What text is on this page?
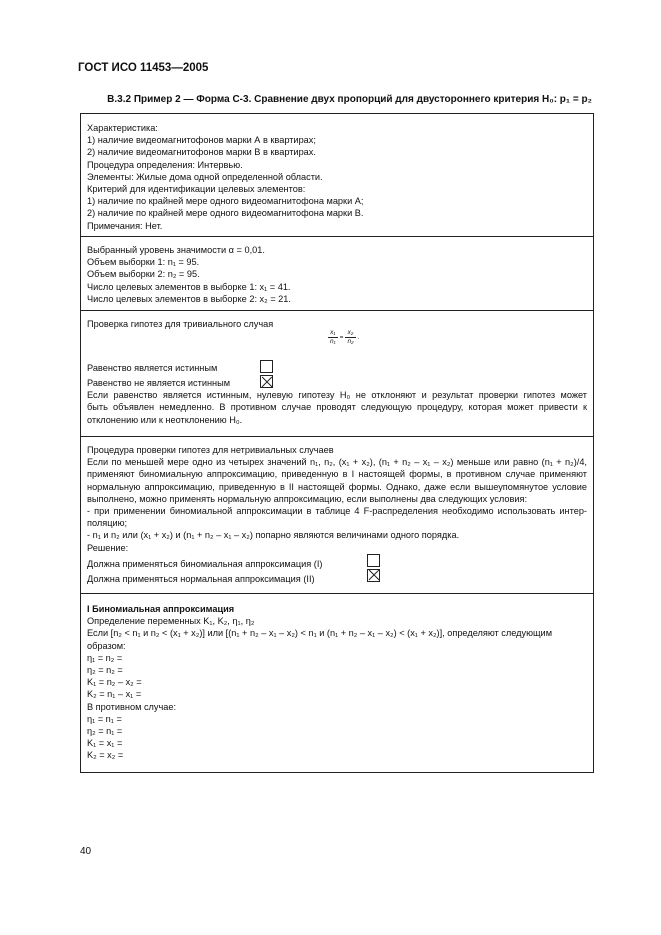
ГОСТ ИСО 11453—2005
B.3.2 Пример 2 — Форма С-3. Сравнение двух пропорций для двустороннего критерия H₀: p₁ = p₂
Характеристика:
1) наличие видеомагнитофонов марки А в квартирах;
2) наличие видеомагнитофонов марки В в квартирах.
Процедура определения: Интервью.
Элементы: Жилые дома одной определенной области.
Критерий для идентификации целевых элементов:
1) наличие по крайней мере одного видеомагнитофона марки А;
2) наличие по крайней мере одного видеомагнитофона марки В.
Примечания: Нет.
Выбранный уровень значимости α = 0,01.
Объем выборки 1: n₁ = 95.
Объем выборки 2: n₂ = 95.
Число целевых элементов в выборке 1: x₁ = 41.
Число целевых элементов в выборке 2: x₂ = 21.
Проверка гипотез для тривиального случая
$\frac{\text{x₁}}{\text{n₁}} = \frac{\text{x₂}}{\text{n₂}}$ .
Равенство является истинным
Равенство не является истинным
Если равенство является истинным, нулевую гипотезу H₀ не отклоняют и результат проверки гипотез может
быть объявлен немедленно. В противном случае проводят следующую процедуру, которая может привести к
отклонению или к неотклонению H₀.
Процедура проверки гипотез для нетривиальных случаев
Если по меньшей мере одно из четырех значений n₁, n₂, (x₁ + x₂), (n₁ + n₂ – x₁ – x₂) меньше или равно (n₁ + n₂)/4,
применяют биномиальную аппроксимацию, приведенную в I настоящей формы, в противном случае применяют
нормальную аппроксимацию, приведенную в II настоящей формы. Однако, даже если вышеупомянутое условие
выполнено, можно применять нормальную аппроксимацию, если выполнены два следующих условия:
- при применении биномиальной аппроксимации в таблице 4 F-распределения необходимо использовать интер-
поляцию;
- n₁ и n₂ или (x₁ + x₂) и (n₁ + n₂ – x₁ – x₂) попарно являются величинами одного порядка.
Решение:
Должна применяться биномиальная аппроксимация (I)
Должна применяться нормальная аппроксимация (II)
I Биномиальная аппроксимация
Определение переменных K₁, K₂, η₁, η₂
Если [n₂ < n₁ и n₂ < (x₁ + x₂)] или [(n₁ + n₂ – x₁ – x₂) < n₁ и (n₁ + n₂ – x₁ – x₂) < (x₁ + x₂)], определяют следующим
образом:
η₁ = n₂ =
η₂ = n₂ =
K₁ = n₂ – x₂ =
K₂ = n₁ – x₁ =
В противном случае:
η₁ = n₁ =
η₂ = n₁ =
K₁ = x₁ =
K₂ = x₂ =
40
